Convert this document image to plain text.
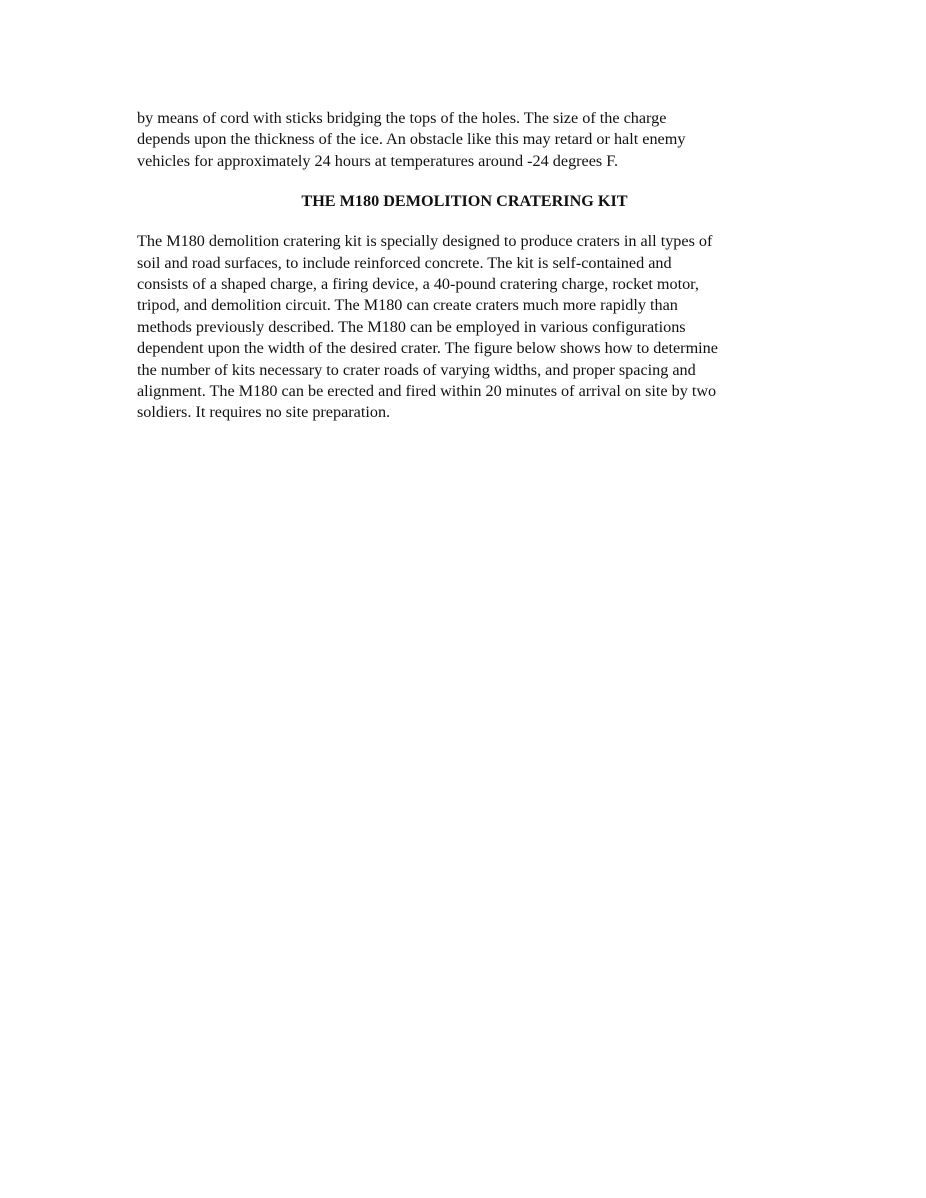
by means of cord with sticks bridging the tops of the holes. The size of the charge
depends upon the thickness of the ice. An obstacle like this may retard or halt enemy
vehicles for approximately 24 hours at temperatures around -24 degrees F.

THE M180 DEMOLITION CRATERING KIT

The M180 demolition cratering kit is specially designed to produce craters in all types of
soil and road surfaces, to include reinforced concrete. The kit is self-contained and
consists of a shaped charge, a firing device, a 40-pound cratering charge, rocket motor,
tripod, and demolition circuit. The M180 can create craters much more rapidly than
methods previously described. The M180 can be employed in various configurations
dependent upon the width of the desired crater. The figure below shows how to determine
the number of kits necessary to crater roads of varying widths, and proper spacing and
alignment. The M180 can be erected and fired within 20 minutes of arrival on site by two
soldiers. It requires no site preparation.
